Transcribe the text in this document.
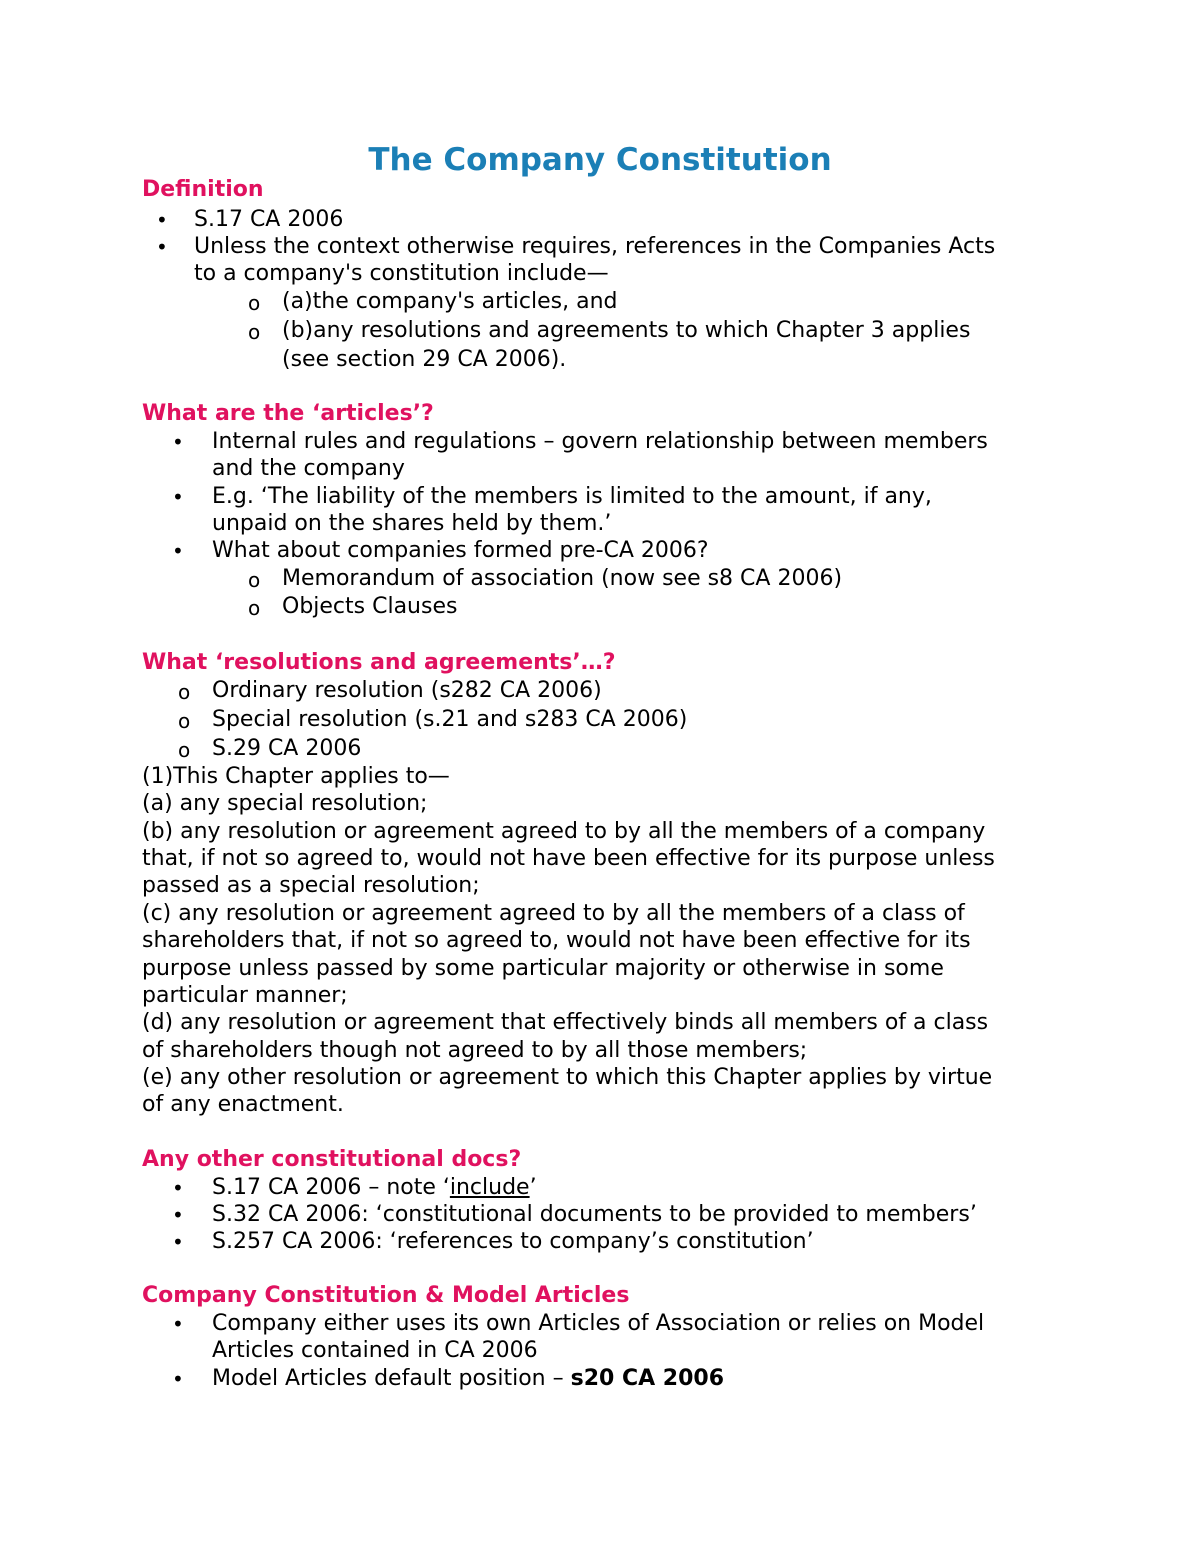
The Company Constitution
Definition
• S.17 CA 2006
• Unless the context otherwise requires, references in the Companies Acts
to a company's constitution include—
o (a)the company's articles, and
o (b)any resolutions and agreements to which Chapter 3 applies
(see section 29 CA 2006).
What are the ‘articles’?
• Internal rules and regulations – govern relationship between members
and the company
• E.g. ‘The liability of the members is limited to the amount, if any,
unpaid on the shares held by them.’
• What about companies formed pre-CA 2006?
o Memorandum of association (now see s8 CA 2006)
o Objects Clauses
What ‘resolutions and agreements’…?
o Ordinary resolution (s282 CA 2006)
o Special resolution (s.21 and s283 CA 2006)
o S.29 CA 2006
(1)This Chapter applies to—
(a) any special resolution;
(b) any resolution or agreement agreed to by all the members of a company
that, if not so agreed to, would not have been effective for its purpose unless
passed as a special resolution;
(c) any resolution or agreement agreed to by all the members of a class of
shareholders that, if not so agreed to, would not have been effective for its
purpose unless passed by some particular majority or otherwise in some
particular manner;
(d) any resolution or agreement that effectively binds all members of a class
of shareholders though not agreed to by all those members;
(e) any other resolution or agreement to which this Chapter applies by virtue
of any enactment.
Any other constitutional docs?
• S.17 CA 2006 – note ‘include’
• S.32 CA 2006: ‘constitutional documents to be provided to members’
• S.257 CA 2006: ‘references to company’s constitution’
Company Constitution & Model Articles
• Company either uses its own Articles of Association or relies on Model
Articles contained in CA 2006
• Model Articles default position – s20 CA 2006
